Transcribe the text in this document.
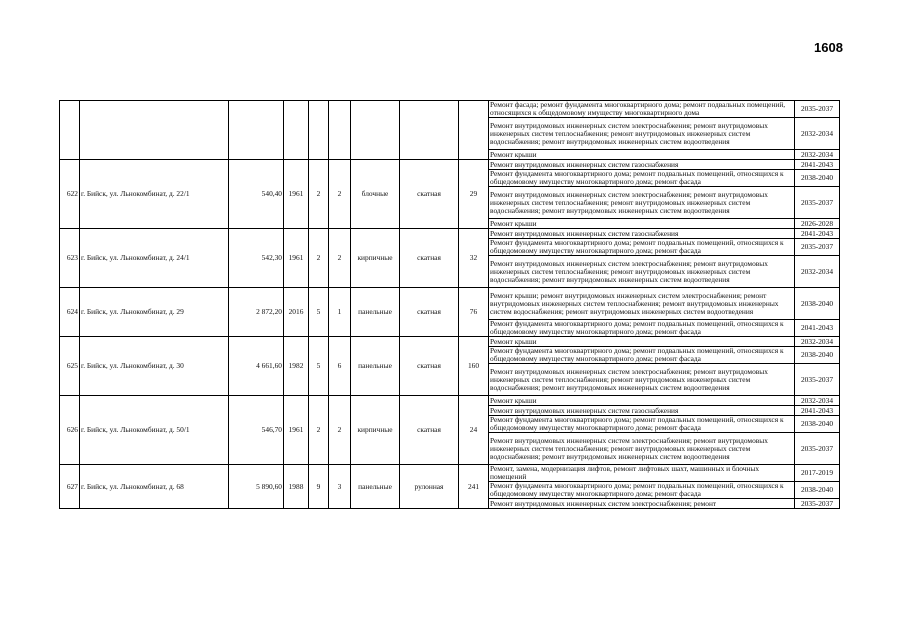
1608
									Ремонт фасада; ремонт фундамента многоквартирного дома; ремонт подвальных помещений, относящихся к общедомовому имуществу многоквартирного дома	2035-2037
									Ремонт внутридомовых инженерных систем электроснабжения; ремонт внутридомовых инженерных систем теплоснабжения; ремонт внутридомовых инженерных систем водоснабжения; ремонт внутридомовых инженерных систем водоотведения	2032-2034
									Ремонт крыши	2032-2034
622	г. Бийск, ул. Льнокомбинат, д. 22/1	540,40	1961	2	2	блочные	скатная	29	Ремонт внутридомовых инженерных систем газоснабжения	2041-2043
									Ремонт фундамента многоквартирного дома; ремонт подвальных помещений, относящихся к общедомовому имуществу многоквартирного дома; ремонт фасада	2038-2040
									Ремонт внутридомовых инженерных систем электроснабжения; ремонт внутридомовых инженерных систем теплоснабжения; ремонт внутридомовых инженерных систем водоснабжения; ремонт внутридомовых инженерных систем водоотведения	2035-2037
									Ремонт крыши	2026-2028
623	г. Бийск, ул. Льнокомбинат, д. 24/1	542,30	1961	2	2	кирпичные	скатная	32	Ремонт внутридомовых инженерных систем газоснабжения	2041-2043
									Ремонт фундамента многоквартирного дома; ремонт подвальных помещений, относящихся к общедомовому имуществу многоквартирного дома; ремонт фасада	2035-2037
									Ремонт внутридомовых инженерных систем электроснабжения; ремонт внутридомовых инженерных систем теплоснабжения; ремонт внутридомовых инженерных систем водоснабжения; ремонт внутридомовых инженерных систем водоотведения	2032-2034
624	г. Бийск, ул. Льнокомбинат, д. 29	2 872,20	2016	5	1	панельные	скатная	76	Ремонт крыши; ремонт внутридомовых инженерных систем электроснабжения; ремонт внутридомовых инженерных систем теплоснабжения; ремонт внутридомовых инженерных систем водоснабжения; ремонт внутридомовых инженерных систем водоотведения	2038-2040
									Ремонт фундамента многоквартирного дома; ремонт подвальных помещений, относящихся к общедомовому имуществу многоквартирного дома; ремонт фасада	2041-2043
625	г. Бийск, ул. Льнокомбинат, д. 30	4 661,60	1982	5	6	панельные	скатная	160	Ремонт крыши	2032-2034
									Ремонт фундамента многоквартирного дома; ремонт подвальных помещений, относящихся к общедомовому имуществу многоквартирного дома; ремонт фасада	2038-2040
									Ремонт внутридомовых инженерных систем электроснабжения; ремонт внутридомовых инженерных систем теплоснабжения; ремонт внутридомовых инженерных систем водоснабжения; ремонт внутридомовых инженерных систем водоотведения	2035-2037
626	г. Бийск, ул. Льнокомбинат, д. 50/1	546,70	1961	2	2	кирпичные	скатная	24	Ремонт крыши	2032-2034
									Ремонт внутридомовых инженерных систем газоснабжения	2041-2043
									Ремонт фундамента многоквартирного дома; ремонт подвальных помещений, относящихся к общедомовому имуществу многоквартирного дома; ремонт фасада	2038-2040
									Ремонт внутридомовых инженерных систем электроснабжения; ремонт внутридомовых инженерных систем теплоснабжения; ремонт внутридомовых инженерных систем водоснабжения; ремонт внутридомовых инженерных систем водоотведения	2035-2037
627	г. Бийск, ул. Льнокомбинат, д. 68	5 890,60	1988	9	3	панельные	рулонная	241	Ремонт, замена, модернизация лифтов, ремонт лифтовых шахт, машинных и блочных помещений	2017-2019
									Ремонт фундамента многоквартирного дома; ремонт подвальных помещений, относящихся к общедомовому имуществу многоквартирного дома; ремонт фасада	2038-2040
									Ремонт внутридомовых инженерных систем электроснабжения; ремонт	2035-2037
